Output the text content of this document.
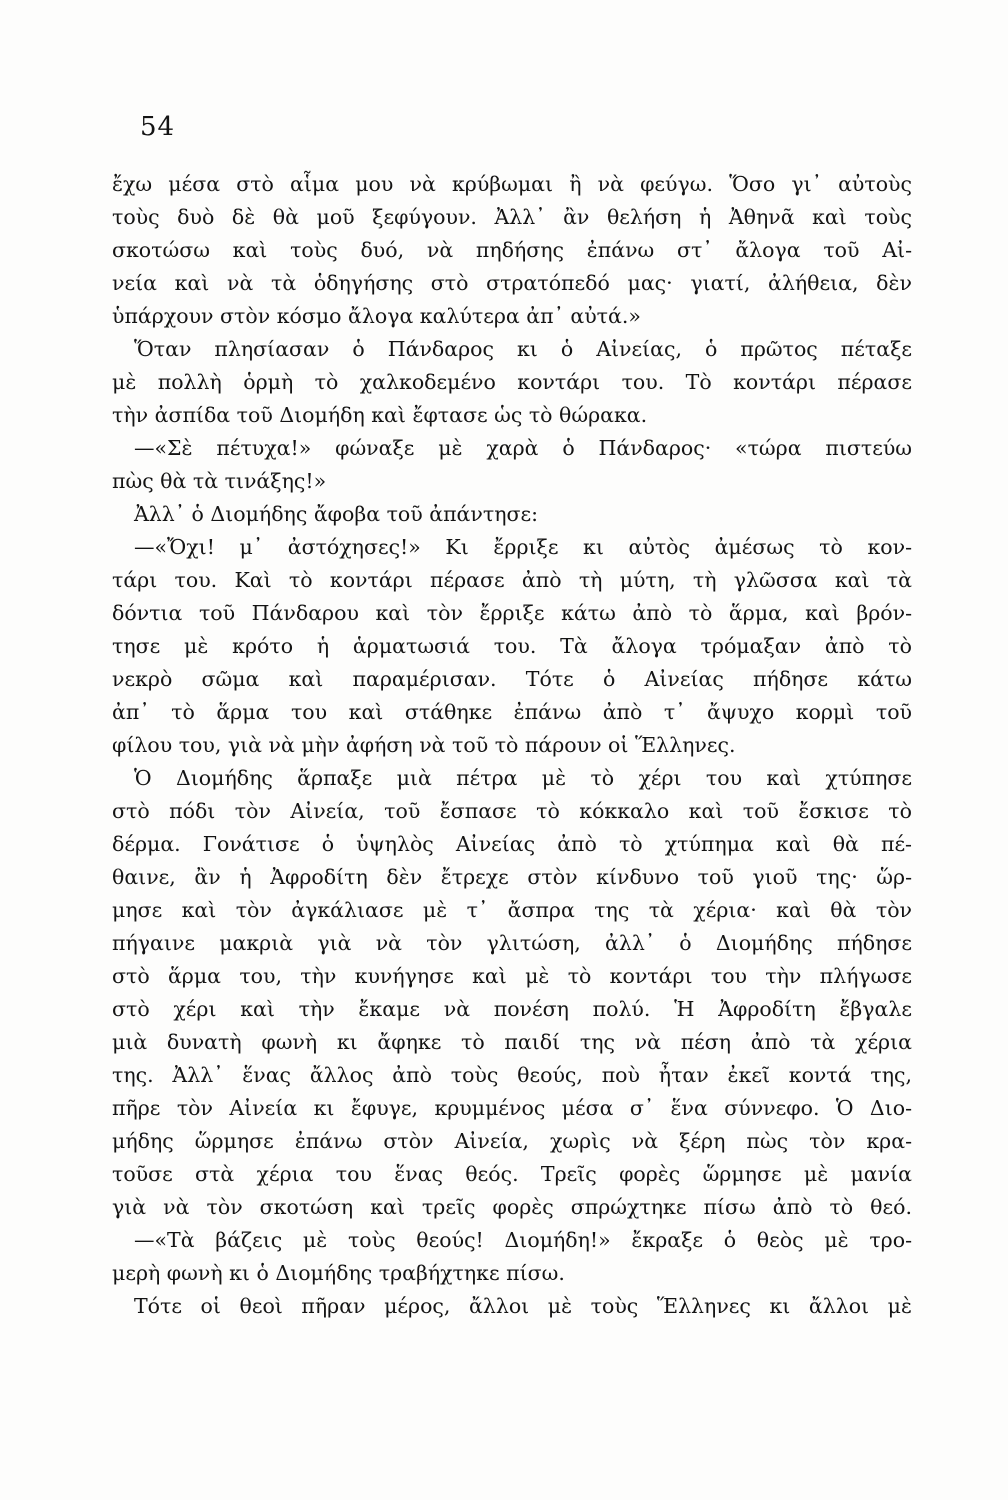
54
ἔχω μέσα στὸ αἷμα μου νὰ κρύβωμαι ἢ νὰ φεύγω. Ὅσο γι᾽ αὐτοὺς
τοὺς δυὸ δὲ θὰ μοῦ ξεφύγουν. Ἀλλ᾽ ἂν θελήση ἡ Ἀθηνᾶ καὶ τοὺς
σκοτώσω καὶ τοὺς δυό, νὰ πηδήσης ἐπάνω στ᾽ ἄλογα τοῦ Αἰ-
νεία καὶ νὰ τὰ ὁδηγήσης στὸ στρατόπεδό μας· γιατί, ἀλήθεια, δὲν
ὑπάρχουν στὸν κόσμο ἄλογα καλύτερα ἀπ᾽ αὐτά.»
Ὅταν πλησίασαν ὁ Πάνδαρος κι ὁ Αἰνείας, ὁ πρῶτος πέταξε
μὲ πολλὴ ὁρμὴ τὸ χαλκοδεμένο κοντάρι του. Τὸ κοντάρι πέρασε
τὴν ἀσπίδα τοῦ Διομήδη καὶ ἔφτασε ὡς τὸ θώρακα.
—«Σὲ πέτυχα!» φώναξε μὲ χαρὰ ὁ Πάνδαρος· «τώρα πιστεύω
πὼς θὰ τὰ τινάξης!»
Ἀλλ᾽ ὁ Διομήδης ἄφοβα τοῦ ἀπάντησε:
—«Ὄχι! μ᾽ ἀστόχησες!» Κι ἔρριξε κι αὐτὸς ἀμέσως τὸ κον-
τάρι του. Καὶ τὸ κοντάρι πέρασε ἀπὸ τὴ μύτη, τὴ γλῶσσα καὶ τὰ
δόντια τοῦ Πάνδαρου καὶ τὸν ἔρριξε κάτω ἀπὸ τὸ ἅρμα, καὶ βρόν-
τησε μὲ κρότο ἡ ἁρματωσιά του. Τὰ ἄλογα τρόμαξαν ἀπὸ τὸ
νεκρὸ σῶμα καὶ παραμέρισαν. Τότε ὁ Αἰνείας πήδησε κάτω
ἀπ᾽ τὸ ἅρμα του καὶ στάθηκε ἐπάνω ἀπὸ τ᾽ ἄψυχο κορμὶ τοῦ
φίλου του, γιὰ νὰ μὴν ἀφήση νὰ τοῦ τὸ πάρουν οἱ Ἕλληνες.
Ὁ Διομήδης ἅρπαξε μιὰ πέτρα μὲ τὸ χέρι του καὶ χτύπησε
στὸ πόδι τὸν Αἰνεία, τοῦ ἔσπασε τὸ κόκκαλο καὶ τοῦ ἔσκισε τὸ
δέρμα. Γονάτισε ὁ ὑψηλὸς Αἰνείας ἀπὸ τὸ χτύπημα καὶ θὰ πέ-
θαινε, ἂν ἡ Ἀφροδίτη δὲν ἔτρεχε στὸν κίνδυνο τοῦ γιοῦ της· ὥρ-
μησε καὶ τὸν ἀγκάλιασε μὲ τ᾽ ἄσπρα της τὰ χέρια· καὶ θὰ τὸν
πήγαινε μακριὰ γιὰ νὰ τὸν γλιτώση, ἀλλ᾽ ὁ Διομήδης πήδησε
στὸ ἅρμα του, τὴν κυνήγησε καὶ μὲ τὸ κοντάρι του τὴν πλήγωσε
στὸ χέρι καὶ τὴν ἔκαμε νὰ πονέση πολύ. Ἡ Ἀφροδίτη ἔβγαλε
μιὰ δυνατὴ φωνὴ κι ἄφηκε τὸ παιδί της νὰ πέση ἀπὸ τὰ χέρια
της. Ἀλλ᾽ ἕνας ἄλλος ἀπὸ τοὺς θεούς, ποὺ ἦταν ἐκεῖ κοντά της,
πῆρε τὸν Αἰνεία κι ἔφυγε, κρυμμένος μέσα σ᾽ ἕνα σύννεφο. Ὁ Διο-
μήδης ὥρμησε ἐπάνω στὸν Αἰνεία, χωρὶς νὰ ξέρη πὼς τὸν κρα-
τοῦσε στὰ χέρια του ἕνας θεός. Τρεῖς φορὲς ὥρμησε μὲ μανία
γιὰ νὰ τὸν σκοτώση καὶ τρεῖς φορὲς σπρώχτηκε πίσω ἀπὸ τὸ θεό.
—«Τὰ βάζεις μὲ τοὺς θεούς! Διομήδη!» ἔκραξε ὁ θεὸς μὲ τρο-
μερὴ φωνὴ κι ὁ Διομήδης τραβήχτηκε πίσω.
Τότε οἱ θεοὶ πῆραν μέρος, ἄλλοι μὲ τοὺς Ἕλληνες κι ἄλλοι μὲ
